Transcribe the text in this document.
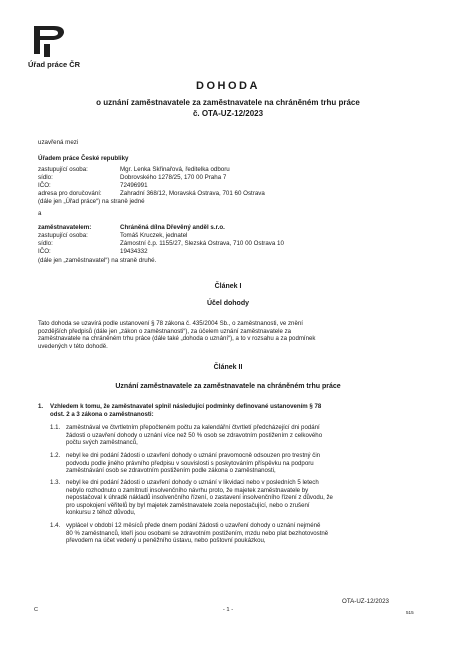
Úřad práce ČR
DOHODA
o uznání zaměstnavatele za zaměstnavatele na chráněném trhu práce
č. OTA-UZ-12/2023
uzavřená mezi
Úřadem práce České republiky
zastupující osoba:	Mgr. Lenka Skřinařová, ředitelka odboru
sídlo:	Dobrovského 1278/25, 170 00 Praha 7
IČO:	72496991
adresa pro doručování:	Zahradní 368/12, Moravská Ostrava, 701 60 Ostrava
(dále jen „Úřad práce“) na straně jedné
a
zaměstnavatelem:	Chráněná dílna Dřevěný anděl s.r.o.
zastupující osoba:	Tomáš Kruczek, jednatel
sídlo:	Zámostní č.p. 1155/27, Slezská Ostrava, 710 00 Ostrava 10
IČO:	19434332
(dále jen „zaměstnavatel“) na straně druhé.
Článek I
Účel dohody
Tato dohoda se uzavírá podle ustanovení § 78 zákona č. 435/2004 Sb., o zaměstnanosti, ve znění
pozdějších předpisů (dále jen „zákon o zaměstnanosti“), za účelem uznání zaměstnavatele za
zaměstnavatele na chráněném trhu práce (dále také „dohoda o uznání“), a to v rozsahu a za podmínek
uvedených v této dohodě.
Článek II
Uznání zaměstnavatele za zaměstnavatele na chráněném trhu práce
1. Vzhledem k tomu, že zaměstnavatel splnil následující podmínky definované ustanovením § 78
odst. 2 a 3 zákona o zaměstnanosti:
1.1. zaměstnával ve čtvrtletním přepočteném počtu za kalendářní čtvrtletí předcházející dni podání
žádosti o uzavření dohody o uznání více než 50 % osob se zdravotním postižením z celkového
počtu svých zaměstnanců,
1.2. nebyl ke dni podání žádosti o uzavření dohody o uznání pravomocně odsouzen pro trestný čin
podvodu podle jiného právního předpisu v souvislosti s poskytováním příspěvku na podporu
zaměstnávání osob se zdravotním postižením podle zákona o zaměstnanosti,
1.3. nebyl ke dni podání žádosti o uzavření dohody o uznání v likvidaci nebo v posledních 5 letech
nebylo rozhodnuto o zamítnutí insolvenčního návrhu proto, že majetek zaměstnavatele by
nepostačoval k úhradě nákladů insolvenčního řízení, o zastavení insolvenčního řízení z důvodu, že
pro uspokojení věřitelů by byl majetek zaměstnavatele zcela nepostačující, nebo o zrušení
konkursu z téhož důvodu,
1.4. vyplácel v období 12 měsíců přede dnem podání žádosti o uzavření dohody o uznání nejméně
80 % zaměstnanců, kteří jsou osobami se zdravotním postižením, mzdu nebo plat bezhotovostně
převodem na účet vedený u peněžního ústavu, nebo poštovní poukázkou,
OTA-UZ-12/2023
C	- 1 -	515
